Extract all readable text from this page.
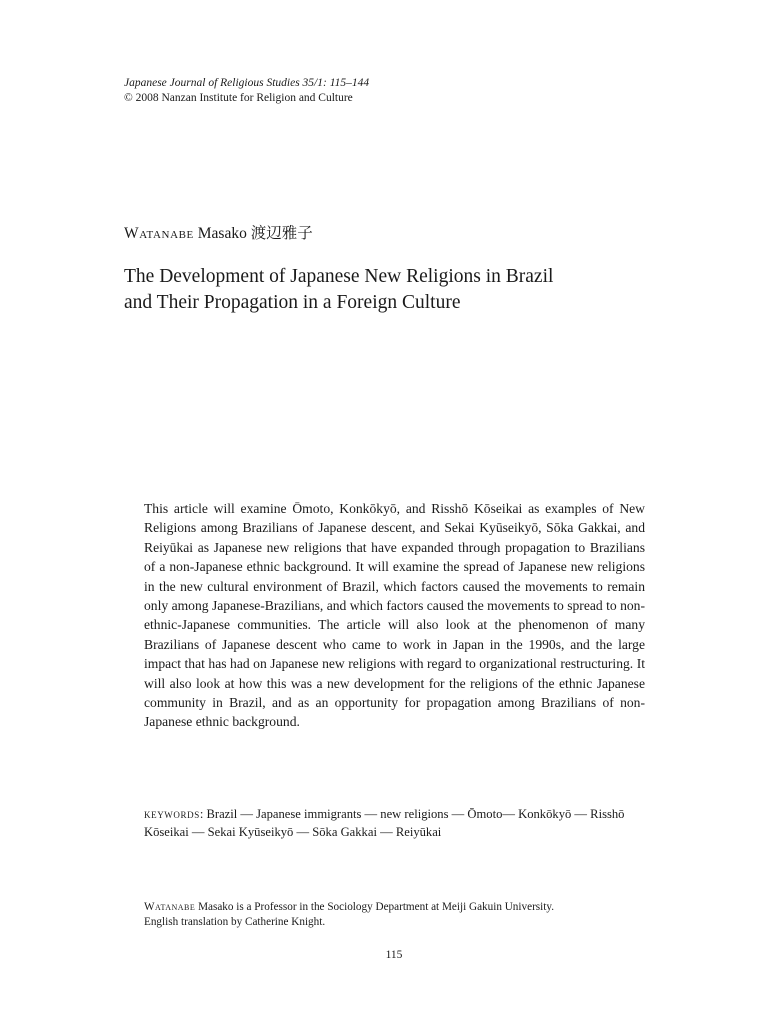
Japanese Journal of Religious Studies 35/1: 115–144
© 2008 Nanzan Institute for Religion and Culture
Watanabe Masako 渡辺雅子
The Development of Japanese New Religions in Brazil
and Their Propagation in a Foreign Culture

This article will examine Ōmoto, Konkōkyō, and Risshō Kōseikai as examples of New Religions among Brazilians of Japanese descent, and Sekai Kyūseikyō, Sōka Gakkai, and Reiyūkai as Japanese new religions that have expanded through propagation to Brazilians of a non-Japanese ethnic background. It will examine the spread of Japanese new religions in the new cultural environment of Brazil, which factors caused the movements to remain only among Japanese-Brazilians, and which factors caused the movements to spread to non-ethnic-Japanese communities. The article will also look at the phenomenon of many Brazilians of Japanese descent who came to work in Japan in the 1990s, and the large impact that has had on Japanese new religions with regard to organizational restructuring. It will also look at how this was a new development for the religions of the ethnic Japanese community in Brazil, and as an opportunity for propagation among Brazilians of non-Japanese ethnic background.

keywords: Brazil — Japanese immigrants — new religions — Ōmoto— Konkōkyō — Risshō Kōseikai — Sekai Kyūseikyō — Sōka Gakkai — Reiyūkai

Watanabe Masako is a Professor in the Sociology Department at Meiji Gakuin University.
English translation by Catherine Knight.

115
